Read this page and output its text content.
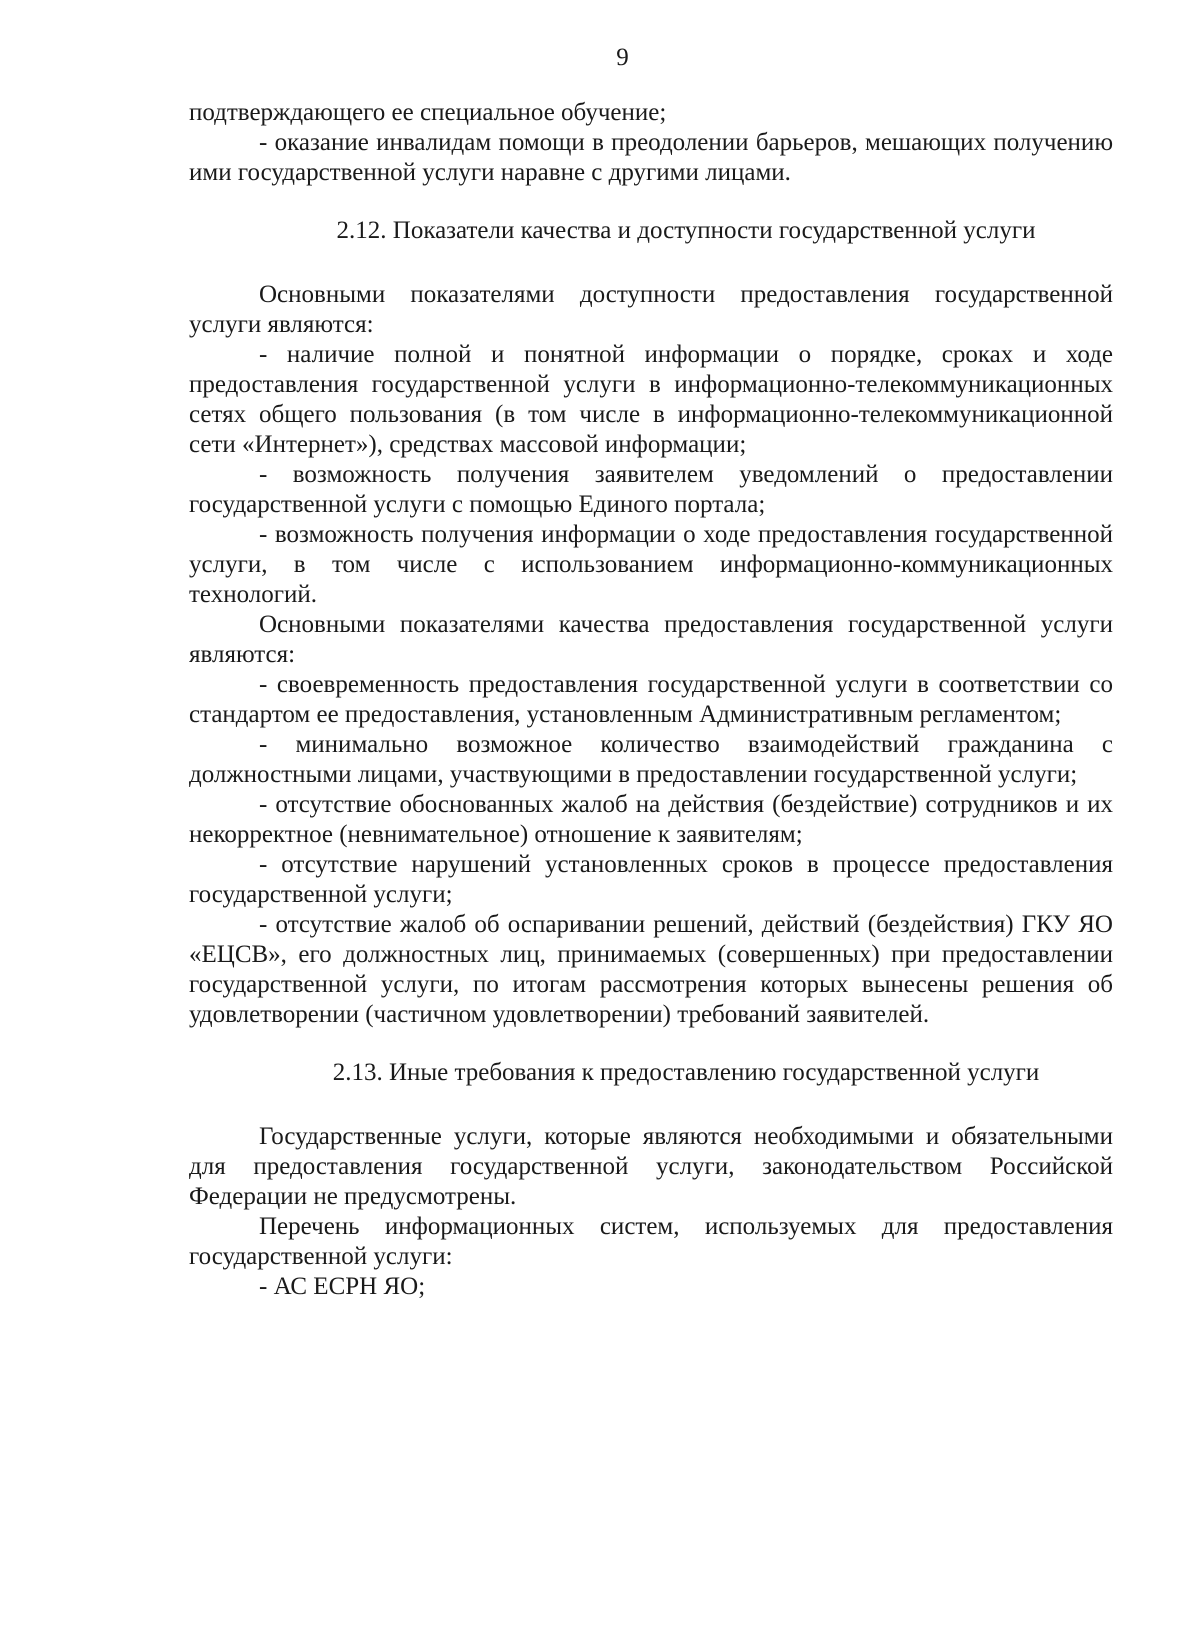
9

подтверждающего ее специальное обучение;

- оказание инвалидам помощи в преодолении барьеров, мешающих получению ими государственной услуги наравне с другими лицами.

2.12. Показатели качества и доступности государственной услуги

Основными показателями доступности предоставления государственной услуги являются:

- наличие полной и понятной информации о порядке, сроках и ходе предоставления государственной услуги в информационно-телекоммуникационных сетях общего пользования (в том числе в информационно-телекоммуникационной сети «Интернет»), средствах массовой информации;

- возможность получения заявителем уведомлений о предоставлении государственной услуги с помощью Единого портала;

- возможность получения информации о ходе предоставления государственной услуги, в том числе с использованием информационно-коммуникационных технологий.

Основными показателями качества предоставления государственной услуги являются:

- своевременность предоставления государственной услуги в соответствии со стандартом ее предоставления, установленным Административным регламентом;

- минимально возможное количество взаимодействий гражданина с должностными лицами, участвующими в предоставлении государственной услуги;

- отсутствие обоснованных жалоб на действия (бездействие) сотрудников и их некорректное (невнимательное) отношение к заявителям;

- отсутствие нарушений установленных сроков в процессе предоставления государственной услуги;

- отсутствие жалоб об оспаривании решений, действий (бездействия) ГКУ ЯО «ЕЦСВ», его должностных лиц, принимаемых (совершенных) при предоставлении государственной услуги, по итогам рассмотрения которых вынесены решения об удовлетворении (частичном удовлетворении) требований заявителей.

2.13. Иные требования к предоставлению государственной услуги

Государственные услуги, которые являются необходимыми и обязательными для предоставления государственной услуги, законодательством Российской Федерации не предусмотрены.

Перечень информационных систем, используемых для предоставления государственной услуги:

- АС ЕСРН ЯО;
